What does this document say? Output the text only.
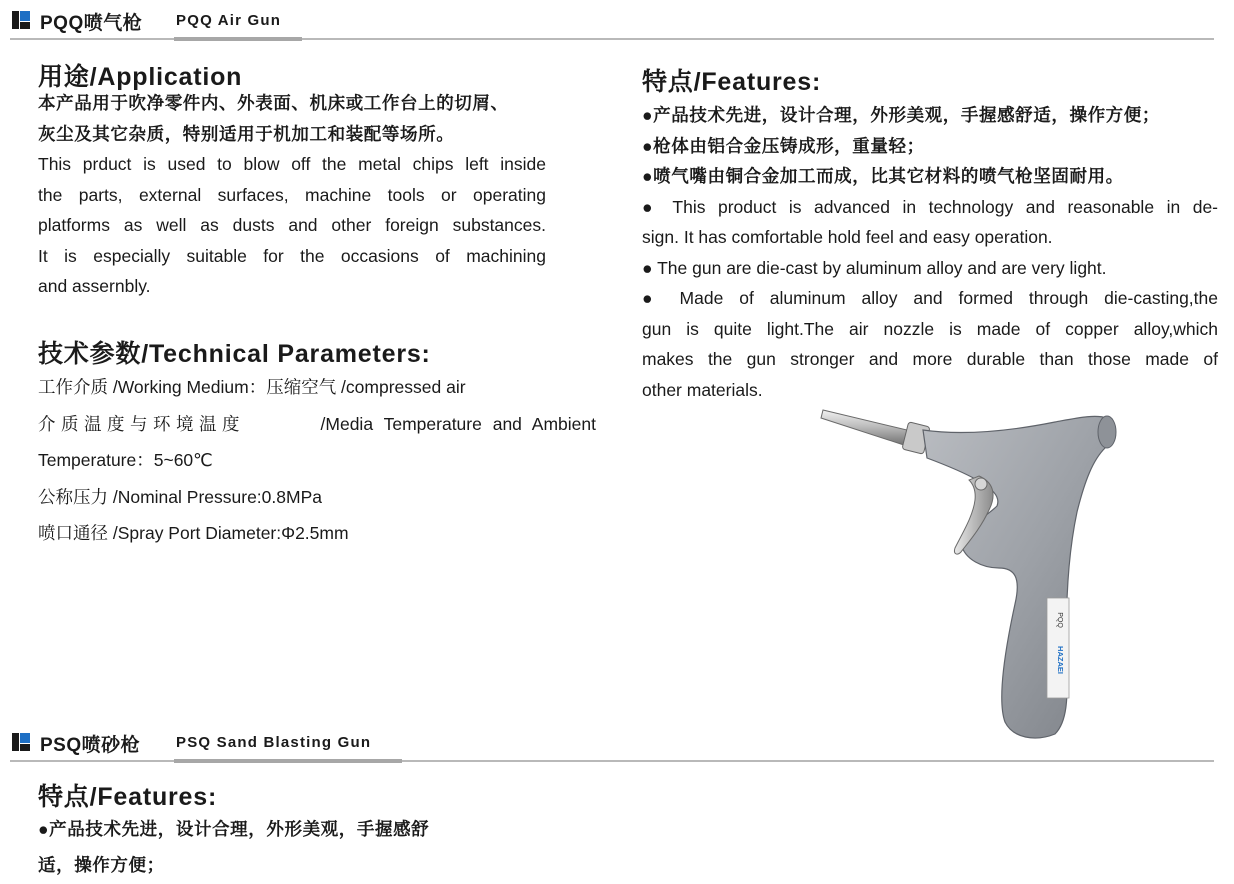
PQQ喷气枪 PQQ Air Gun
用途/Application
本产品用于吹净零件内、外表面、机床或工作台上的切屑、
灰尘及其它杂质，特别适用于机加工和装配等场所。
This prduct is used to blow off the metal chips left inside
the parts, external surfaces, machine tools or operating
platforms as well as dusts and other foreign substances.
It is especially suitable for the occasions of machining
and assernbly.
技术参数/Technical Parameters:
工作介质 /Working Medium：压缩空气 /compressed air
介质温度与环境温度	/Media Temperature and Ambient
Temperature：5~60℃
公称压力 /Nominal Pressure:0.8MPa
喷口通径 /Spray Port Diameter:Φ2.5mm
特点/Features:
●产品技术先进，设计合理，外形美观，手握感舒适，操作方便；
●枪体由铝合金压铸成形，重量轻；
●喷气嘴由铜合金加工而成，比其它材料的喷气枪坚固耐用。
● This product is advanced in technology and reasonable in de-
sign. It has comfortable hold feel and easy operation.
● The gun are die-cast by aluminum alloy and are very light.
● Made of aluminum alloy and formed through die-casting,the
gun is quite light.The air nozzle is made of copper alloy,which
makes the gun stronger and more durable than those made of
other materials.
HAZAEI
PQQ
PSQ喷砂枪 PSQ Sand Blasting Gun
特点/Features:
●产品技术先进，设计合理，外形美观，手握感舒
适，操作方便；
